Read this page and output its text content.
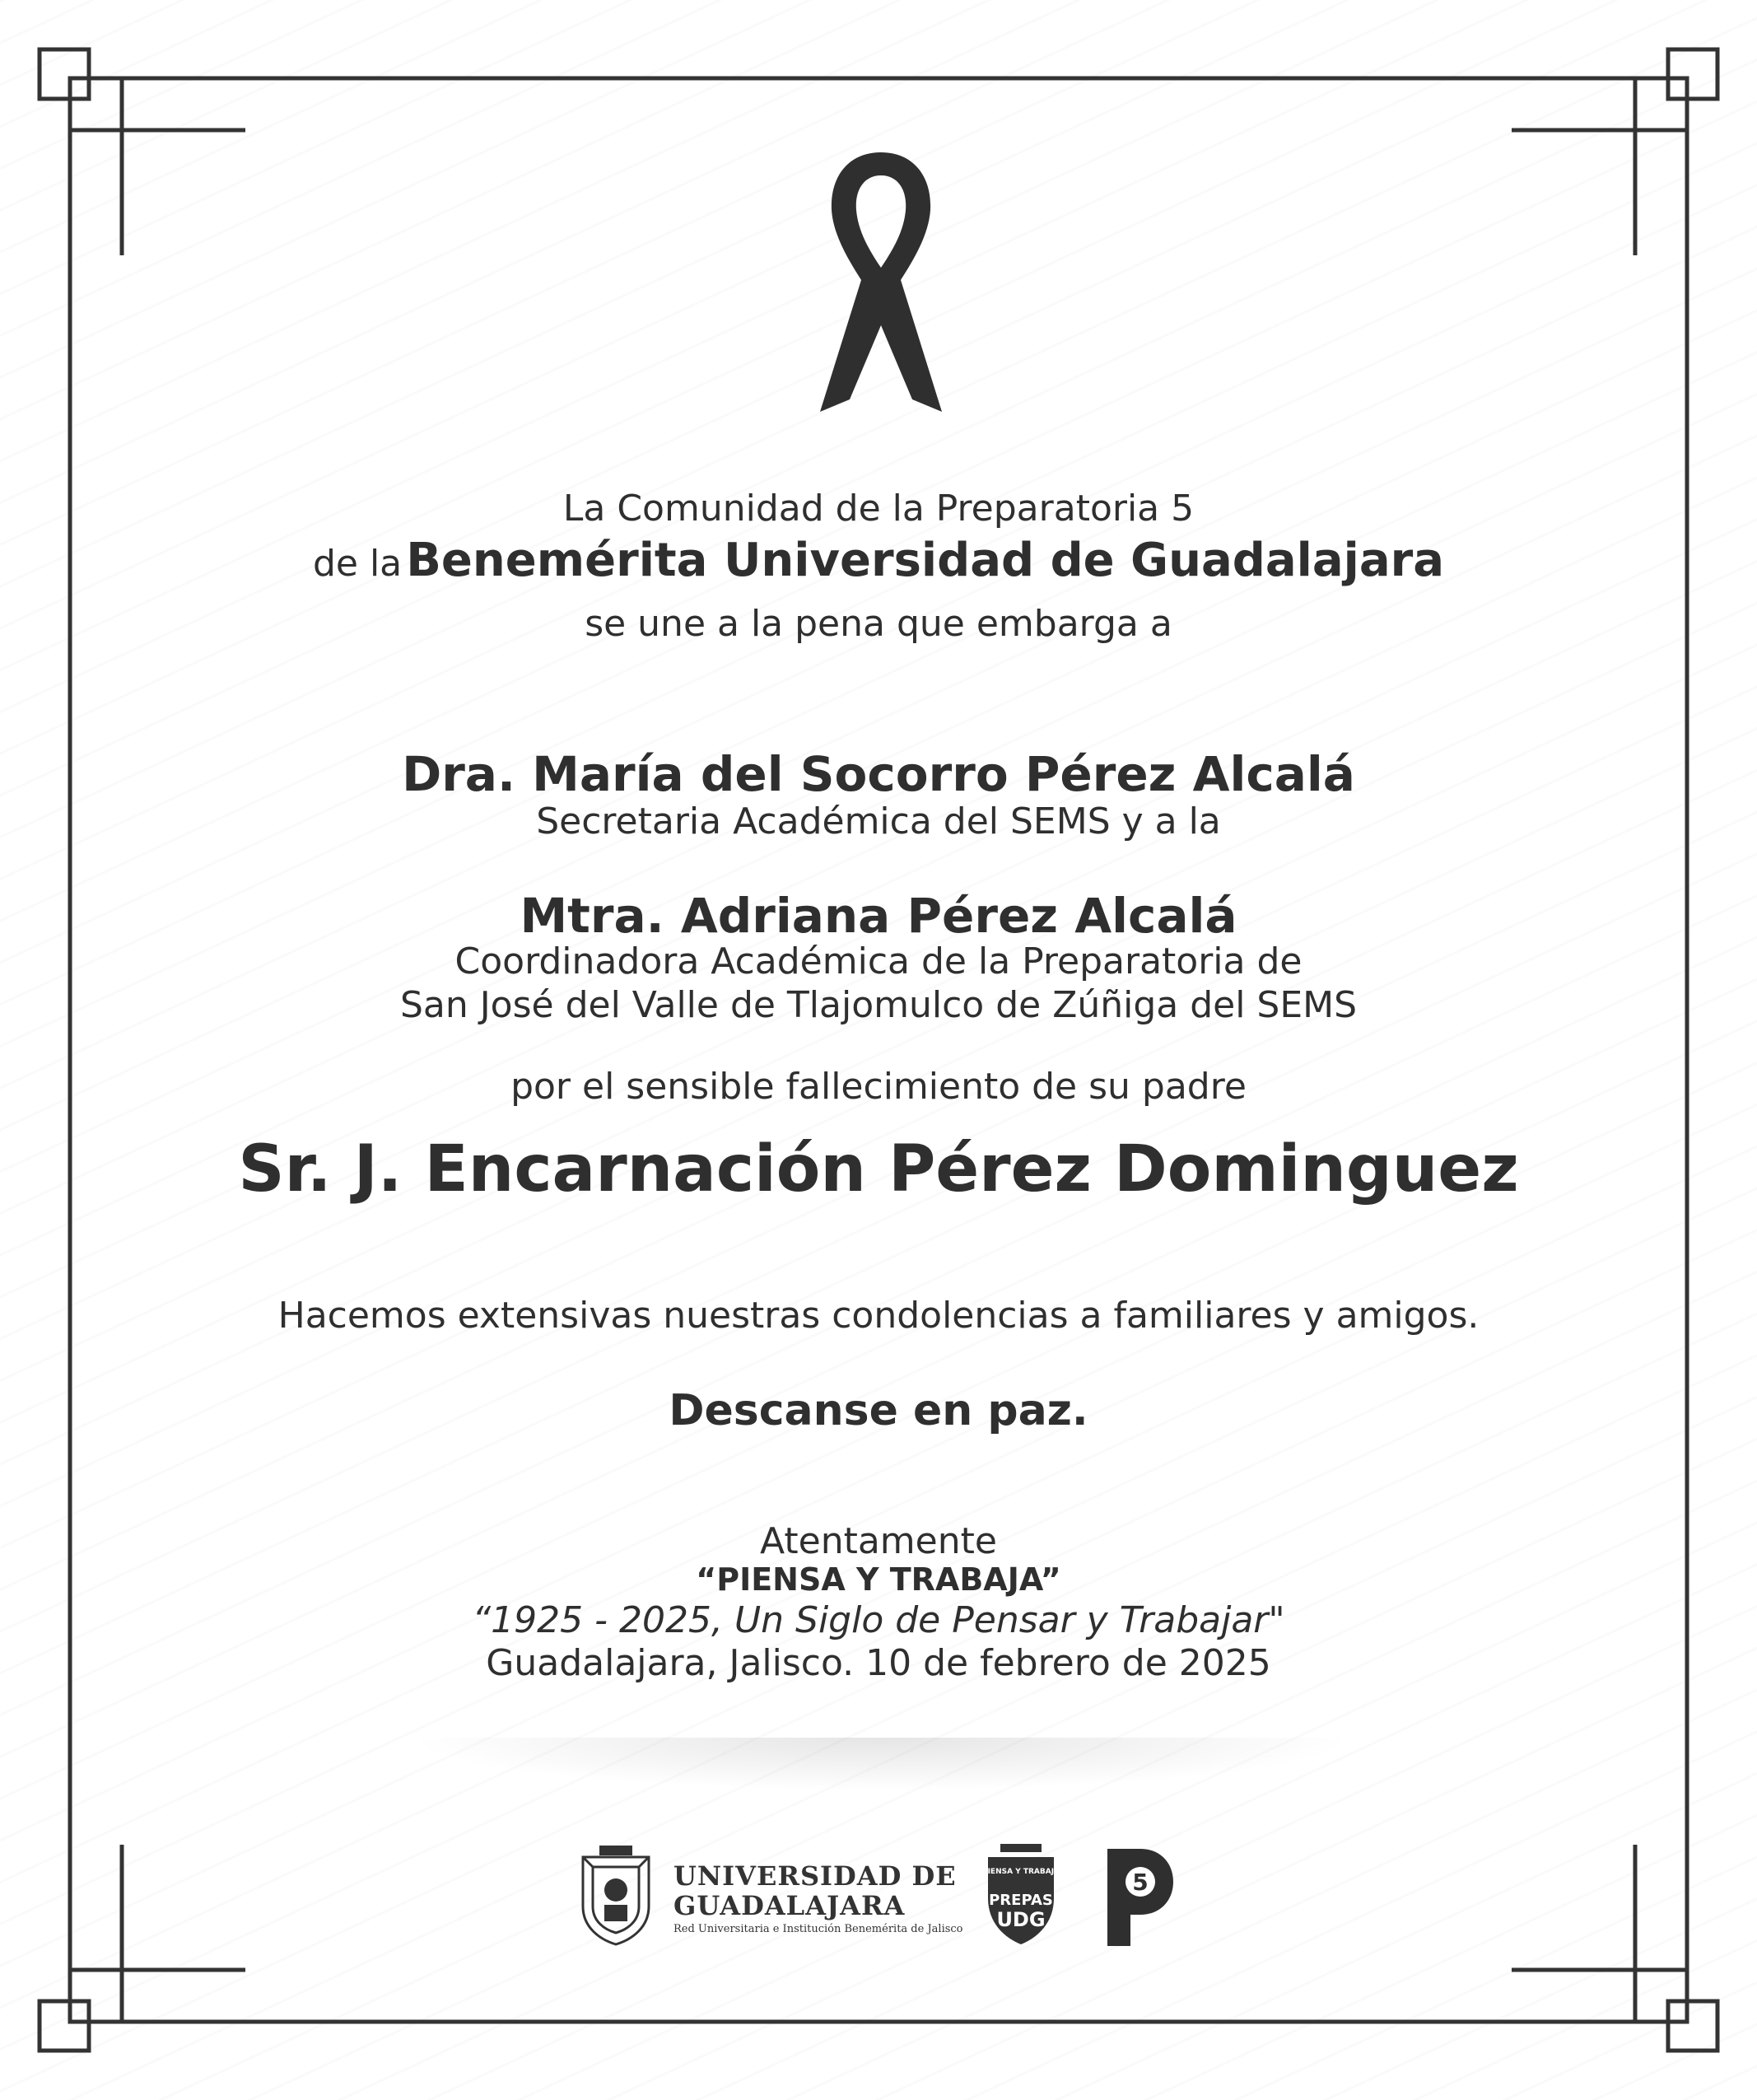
La Comunidad de la Preparatoria 5
de la Benemérita Universidad de Guadalajara
se une a la pena que embarga a
Dra. María del Socorro Pérez Alcalá
Secretaria Académica del SEMS y a la
Mtra. Adriana Pérez Alcalá
Coordinadora Académica de la Preparatoria de
San José del Valle de Tlajomulco de Zúñiga del SEMS
por el sensible fallecimiento de su padre
Sr. J. Encarnación Pérez Dominguez
Hacemos extensivas nuestras condolencias a familiares y amigos.
Descanse en paz.
Atentamente
“PIENSA Y TRABAJA”
“1925 - 2025, Un Siglo de Pensar y Trabajar"
Guadalajara, Jalisco. 10 de febrero de 2025
UNIVERSIDAD DE
GUADALAJARA
Red Universitaria e Institución Benemérita de Jalisco
PIENSA Y TRABAJA
PREPAS
UDG
5
